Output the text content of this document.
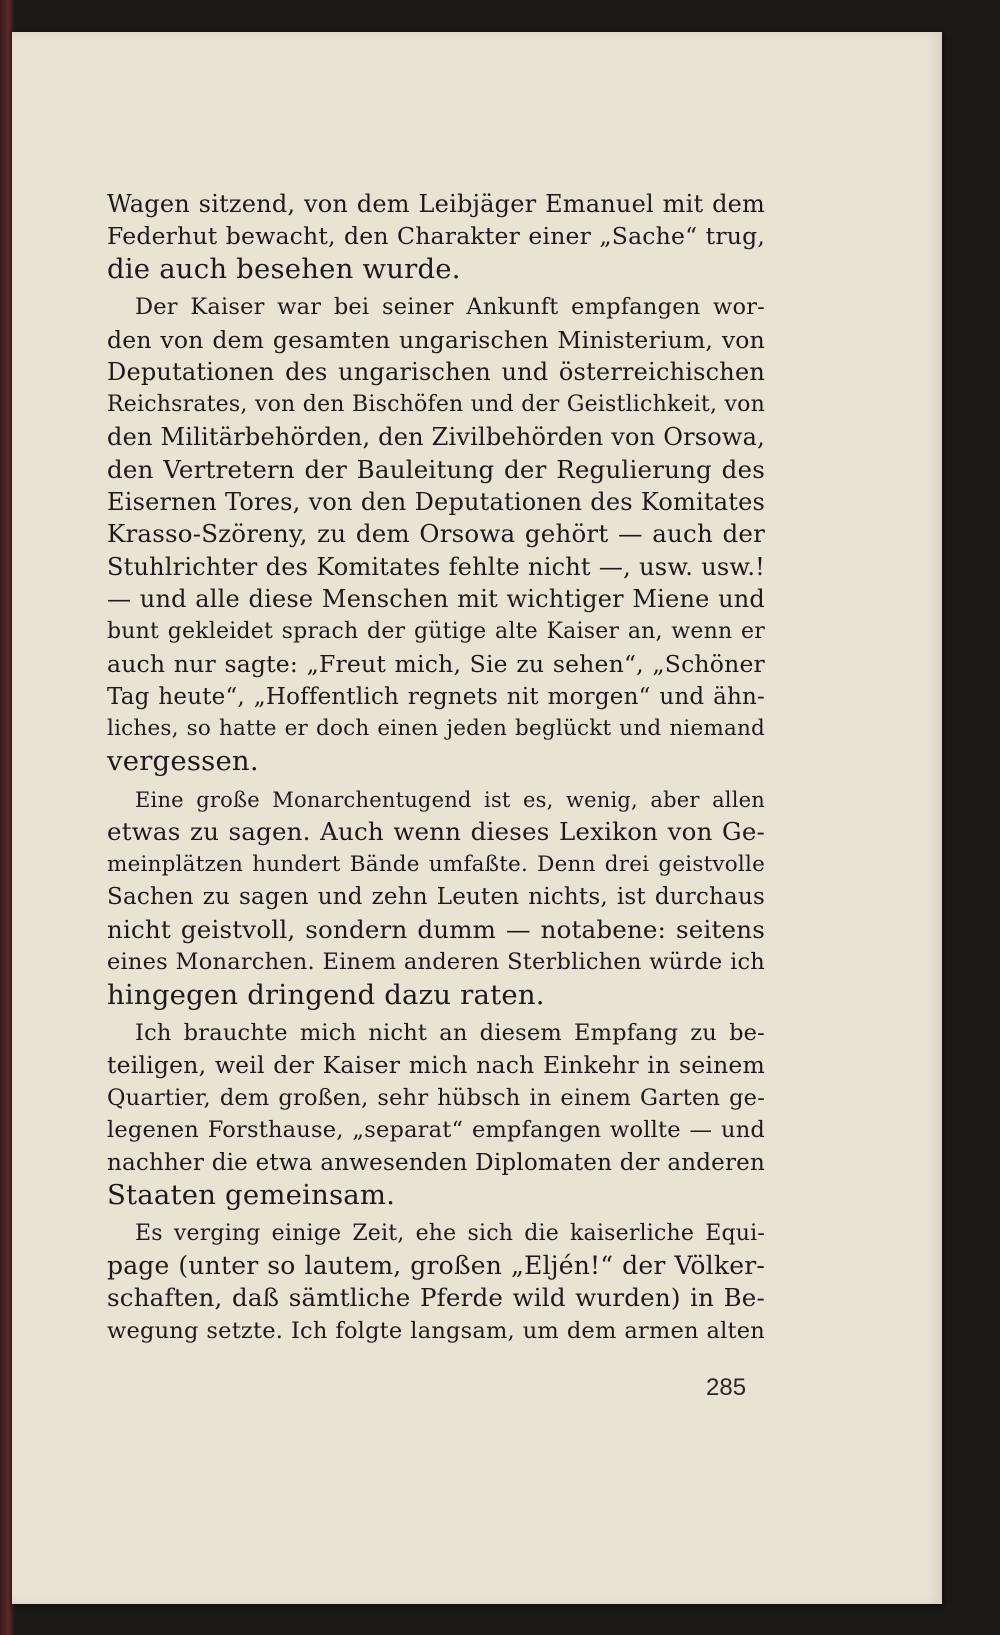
Wagen sitzend, von dem Leibjäger Emanuel mit dem
Federhut bewacht, den Charakter einer „Sache“ trug,
die auch besehen wurde.
Der Kaiser war bei seiner Ankunft empfangen wor-
den von dem gesamten ungarischen Ministerium, von
Deputationen des ungarischen und österreichischen
Reichsrates, von den Bischöfen und der Geistlichkeit, von
den Militärbehörden, den Zivilbehörden von Orsowa,
den Vertretern der Bauleitung der Regulierung des
Eisernen Tores, von den Deputationen des Komitates
Krasso-Szöreny, zu dem Orsowa gehört — auch der
Stuhlrichter des Komitates fehlte nicht —, usw. usw.!
— und alle diese Menschen mit wichtiger Miene und
bunt gekleidet sprach der gütige alte Kaiser an, wenn er
auch nur sagte: „Freut mich, Sie zu sehen“, „Schöner
Tag heute“, „Hoffentlich regnets nit morgen“ und ähn-
liches, so hatte er doch einen jeden beglückt und niemand
vergessen.
Eine große Monarchentugend ist es, wenig, aber allen
etwas zu sagen. Auch wenn dieses Lexikon von Ge-
meinplätzen hundert Bände umfaßte. Denn drei geistvolle
Sachen zu sagen und zehn Leuten nichts, ist durchaus
nicht geistvoll, sondern dumm — notabene: seitens
eines Monarchen. Einem anderen Sterblichen würde ich
hingegen dringend dazu raten.
Ich brauchte mich nicht an diesem Empfang zu be-
teiligen, weil der Kaiser mich nach Einkehr in seinem
Quartier, dem großen, sehr hübsch in einem Garten ge-
legenen Forsthause, „separat“ empfangen wollte — und
nachher die etwa anwesenden Diplomaten der anderen
Staaten gemeinsam.
Es verging einige Zeit, ehe sich die kaiserliche Equi-
page (unter so lautem, großen „Eljén!“ der Völker-
schaften, daß sämtliche Pferde wild wurden) in Be-
wegung setzte. Ich folgte langsam, um dem armen alten
285
